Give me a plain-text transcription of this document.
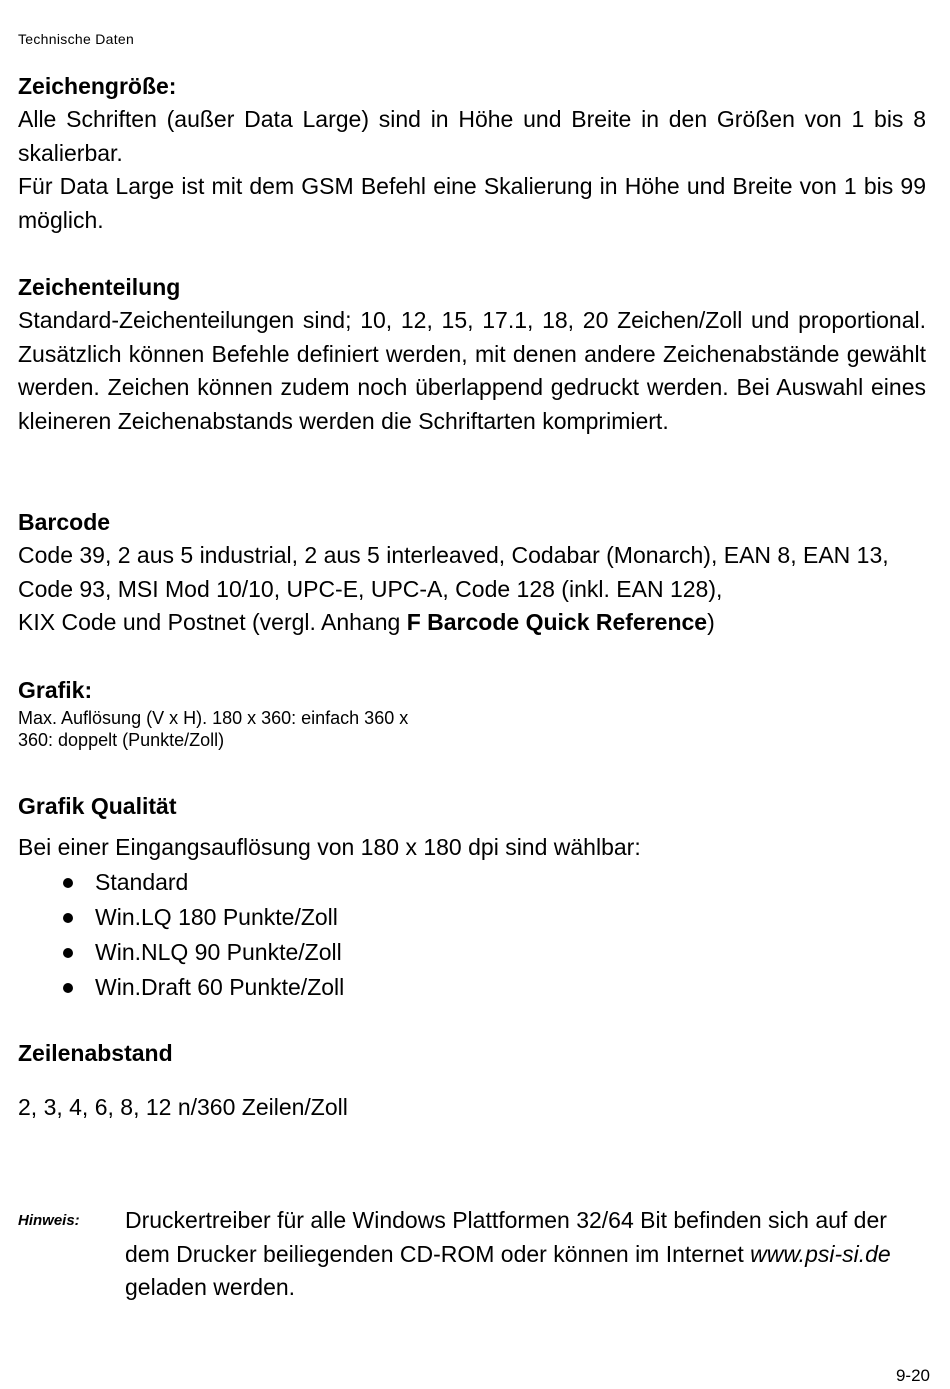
Technische Daten
Zeichengröße:

Alle Schriften (außer Data Large) sind in Höhe und Breite in den Größen von 1 bis 8 skalierbar.

Für Data Large ist mit dem GSM Befehl eine Skalierung in Höhe und Breite von 1 bis 99 möglich.

Zeichenteilung

Standard-Zeichenteilungen sind; 10, 12, 15, 17.1, 18, 20 Zeichen/Zoll und proportional. Zusätzlich können Befehle definiert werden, mit denen andere Zeichenabstände gewählt werden. Zeichen können zudem noch überlappend gedruckt werden. Bei Auswahl eines kleineren Zeichenabstands werden die Schriftarten komprimiert.

Barcode

Code 39, 2 aus 5 industrial, 2 aus 5 interleaved, Codabar (Monarch), EAN 8, EAN 13, Code 93, MSI Mod 10/10, UPC-E, UPC-A, Code 128 (inkl. EAN 128),

KIX Code und Postnet (vergl. Anhang F Barcode Quick Reference)

Grafik:
Max. Auflösung (V x H). 180 x 360: einfach 360 x
360: doppelt (Punkte/Zoll)
Grafik Qualität
Bei einer Eingangsauflösung von 180 x 180 dpi sind wählbar:
Standard
Win.LQ 180 Punkte/Zoll
Win.NLQ 90 Punkte/Zoll
Win.Draft 60 Punkte/Zoll
Zeilenabstand
2, 3, 4, 6, 8, 12 n/360 Zeilen/Zoll
Hinweis: Druckertreiber für alle Windows Plattformen 32/64 Bit befinden sich auf der dem Drucker beiliegenden CD-ROM oder können im Internet www.psi-si.de geladen werden.
9-20
